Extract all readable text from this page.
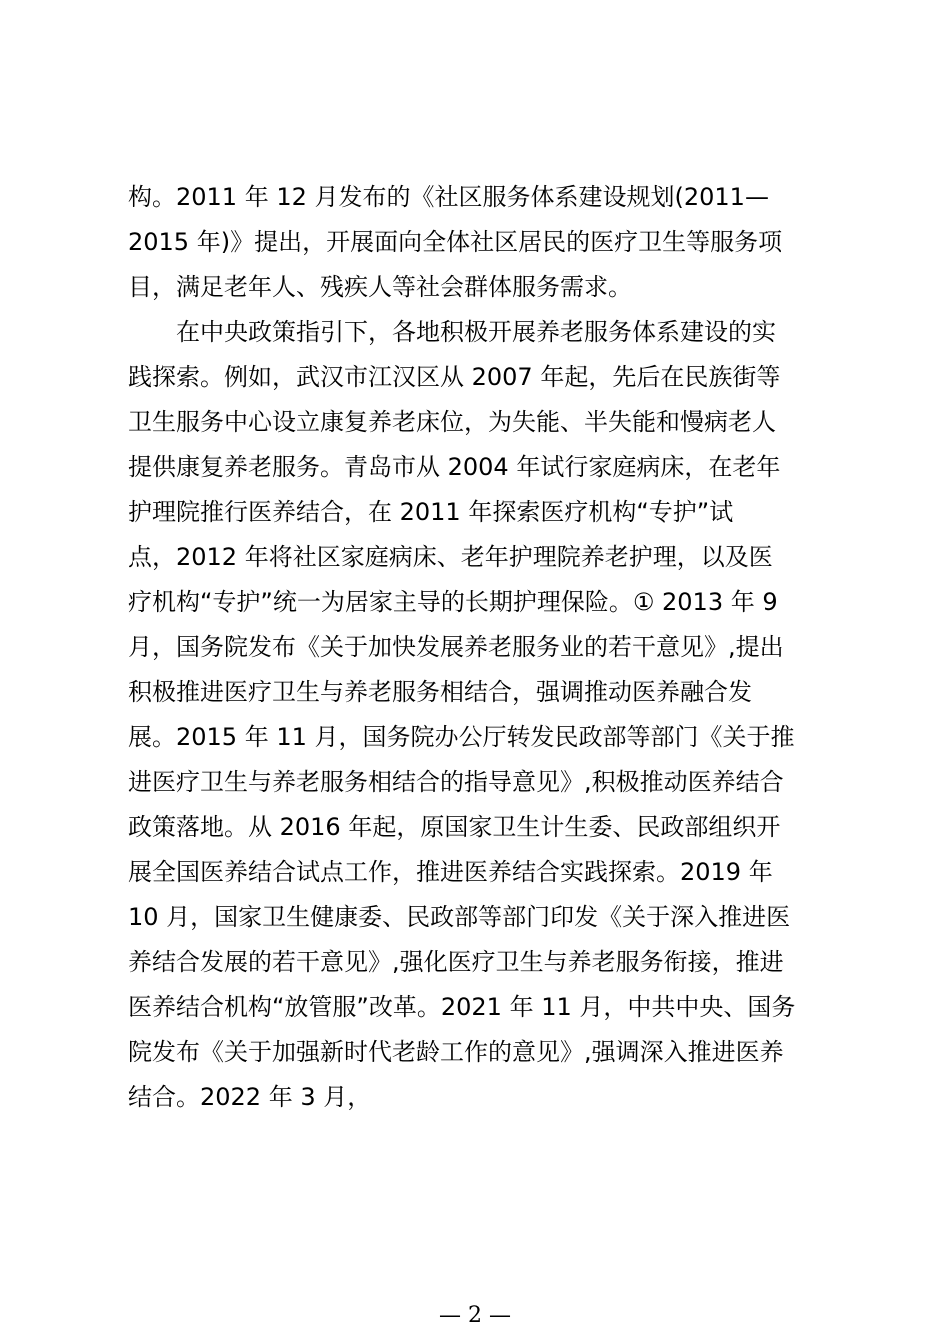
构。2011 年 12 月发布的《社区服务体系建设规划(2011—
2015 年)》提出，开展面向全体社区居民的医疗卫生等服务项
目，满足老年人、残疾人等社会群体服务需求。
　　在中央政策指引下，各地积极开展养老服务体系建设的实
践探索。例如，武汉市江汉区从 2007 年起，先后在民族街等
卫生服务中心设立康复养老床位，为失能、半失能和慢病老人
提供康复养老服务。青岛市从 2004 年试行家庭病床，在老年
护理院推行医养结合，在 2011 年探索医疗机构“专护”试
点，2012 年将社区家庭病床、老年护理院养老护理，以及医
疗机构“专护”统一为居家主导的长期护理保险。① 2013 年 9
月，国务院发布《关于加快发展养老服务业的若干意见》,提出
积极推进医疗卫生与养老服务相结合，强调推动医养融合发
展。2015 年 11 月，国务院办公厅转发民政部等部门《关于推
进医疗卫生与养老服务相结合的指导意见》,积极推动医养结合
政策落地。从 2016 年起，原国家卫生计生委、民政部组织开
展全国医养结合试点工作，推进医养结合实践探索。2019 年
10 月，国家卫生健康委、民政部等部门印发《关于深入推进医
养结合发展的若干意见》,强化医疗卫生与养老服务衔接，推进
医养结合机构“放管服”改革。2021 年 11 月，中共中央、国务
院发布《关于加强新时代老龄工作的意见》,强调深入推进医养
结合。2022 年 3 月，
— 2 —
